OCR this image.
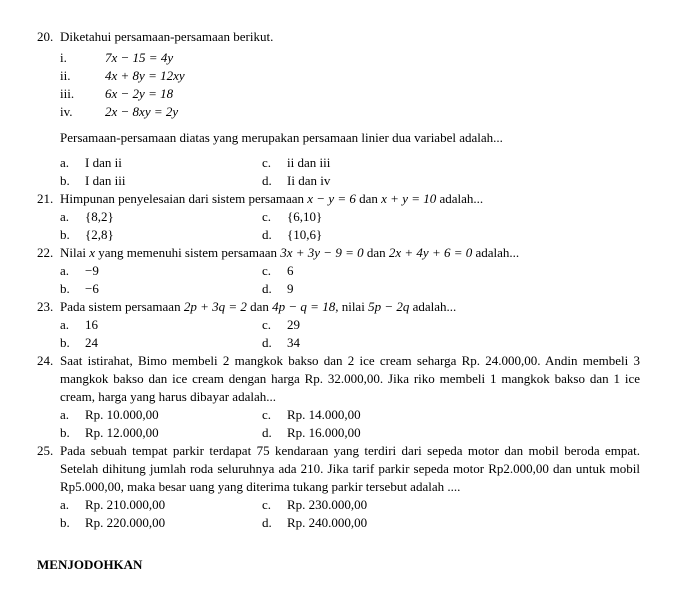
20. Diketahui persamaan-persamaan berikut.

i.	7x − 15 = 4y
ii.	4x + 8y = 12xy
iii. 6x − 2y = 18
iv. 2x − 8xy = 2y

Persamaan-persamaan diatas yang merupakan persamaan linier dua variabel adalah...

a. I dan ii	c. ii dan iii
b. I dan iii	d. Ii dan iv
21. Himpunan penyelesaian dari sistem persamaan x − y = 6 dan x + y = 10 adalah...

a. {8,2}	c. {6,10}
b. {2,8}	d. {10,6}
22. Nilai x yang memenuhi sistem persamaan 3x + 3y − 9 = 0 dan 2x + 4y + 6 = 0 adalah...

a. −9	c. 6
b. −6	d. 9
23. Pada sistem persamaan 2p + 3q = 2 dan 4p − q = 18, nilai 5p − 2q adalah...

a. 16	c. 29
b. 24	d. 34
24. Saat istirahat, Bimo membeli 2 mangkok bakso dan 2 ice cream seharga Rp. 24.000,00. Andin membeli 3 mangkok bakso dan ice cream dengan harga Rp. 32.000,00. Jika riko membeli 1 mangkok bakso dan 1 ice cream, harga yang harus dibayar adalah...

a. Rp. 10.000,00	c. Rp. 14.000,00
b. Rp. 12.000,00	d. Rp. 16.000,00
25. Pada sebuah tempat parkir terdapat 75 kendaraan yang terdiri dari sepeda motor dan mobil beroda empat. Setelah dihitung jumlah roda seluruhnya ada 210. Jika tarif parkir sepeda motor Rp2.000,00 dan untuk mobil Rp5.000,00, maka besar uang yang diterima tukang parkir tersebut adalah ....

a. Rp. 210.000,00	c. Rp. 230.000,00
b. Rp. 220.000,00	d. Rp. 240.000,00

MENJODOHKAN
